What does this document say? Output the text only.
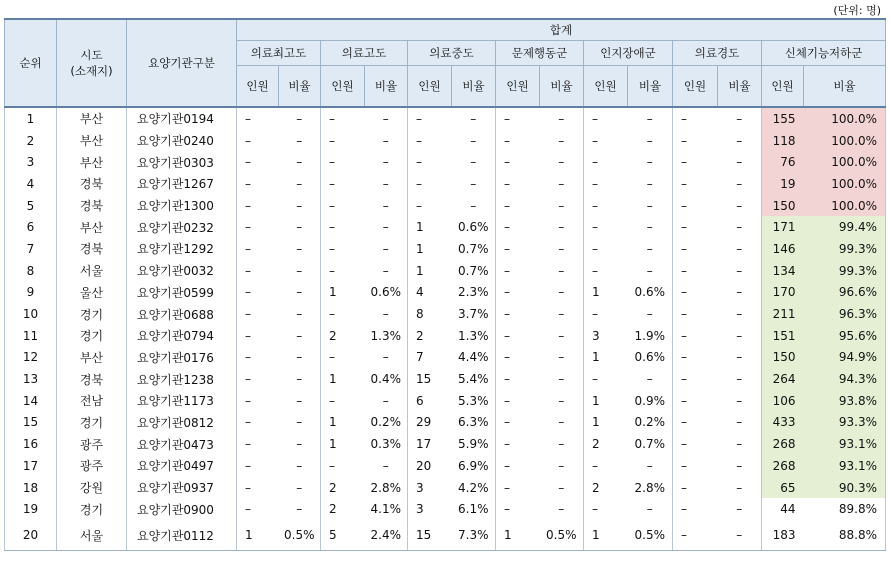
(단위: 명)
순위	시도
(소재지)	요양기관구분	합계													
			의료최고도		의료고도		의료중도		문제행동군		인지장애군		의료경도		신체기능저하군	
			인원	비율	인원	비율	인원	비율	인원	비율	인원	비율	인원	비율	인원	비율
1	부산	요양기관0194	–	–	–	–	–	–	–	–	–	–	–	–	155	100.0%
2	부산	요양기관0240	–	–	–	–	–	–	–	–	–	–	–	–	118	100.0%
3	부산	요양기관0303	–	–	–	–	–	–	–	–	–	–	–	–	76	100.0%
4	경북	요양기관1267	–	–	–	–	–	–	–	–	–	–	–	–	19	100.0%
5	경북	요양기관1300	–	–	–	–	–	–	–	–	–	–	–	–	150	100.0%
6	부산	요양기관0232	–	–	–	–	1	0.6%	–	–	–	–	–	–	171	99.4%
7	경북	요양기관1292	–	–	–	–	1	0.7%	–	–	–	–	–	–	146	99.3%
8	서울	요양기관0032	–	–	–	–	1	0.7%	–	–	–	–	–	–	134	99.3%
9	울산	요양기관0599	–	–	1	0.6%	4	2.3%	–	–	1	0.6%	–	–	170	96.6%
10	경기	요양기관0688	–	–	–	–	8	3.7%	–	–	–	–	–	–	211	96.3%
11	경기	요양기관0794	–	–	2	1.3%	2	1.3%	–	–	3	1.9%	–	–	151	95.6%
12	부산	요양기관0176	–	–	–	–	7	4.4%	–	–	1	0.6%	–	–	150	94.9%
13	경북	요양기관1238	–	–	1	0.4%	15	5.4%	–	–	–	–	–	–	264	94.3%
14	전남	요양기관1173	–	–	–	–	6	5.3%	–	–	1	0.9%	–	–	106	93.8%
15	경기	요양기관0812	–	–	1	0.2%	29	6.3%	–	–	1	0.2%	–	–	433	93.3%
16	광주	요양기관0473	–	–	1	0.3%	17	5.9%	–	–	2	0.7%	–	–	268	93.1%
17	광주	요양기관0497	–	–	–	–	20	6.9%	–	–	–	–	–	–	268	93.1%
18	강원	요양기관0937	–	–	2	2.8%	3	4.2%	–	–	2	2.8%	–	–	65	90.3%
19	경기	요양기관0900	–	–	2	4.1%	3	6.1%	–	–	–	–	–	–	44	89.8%
20	서울	요양기관0112	1	0.5%	5	2.4%	15	7.3%	1	0.5%	1	0.5%	–	–	183	88.8%
